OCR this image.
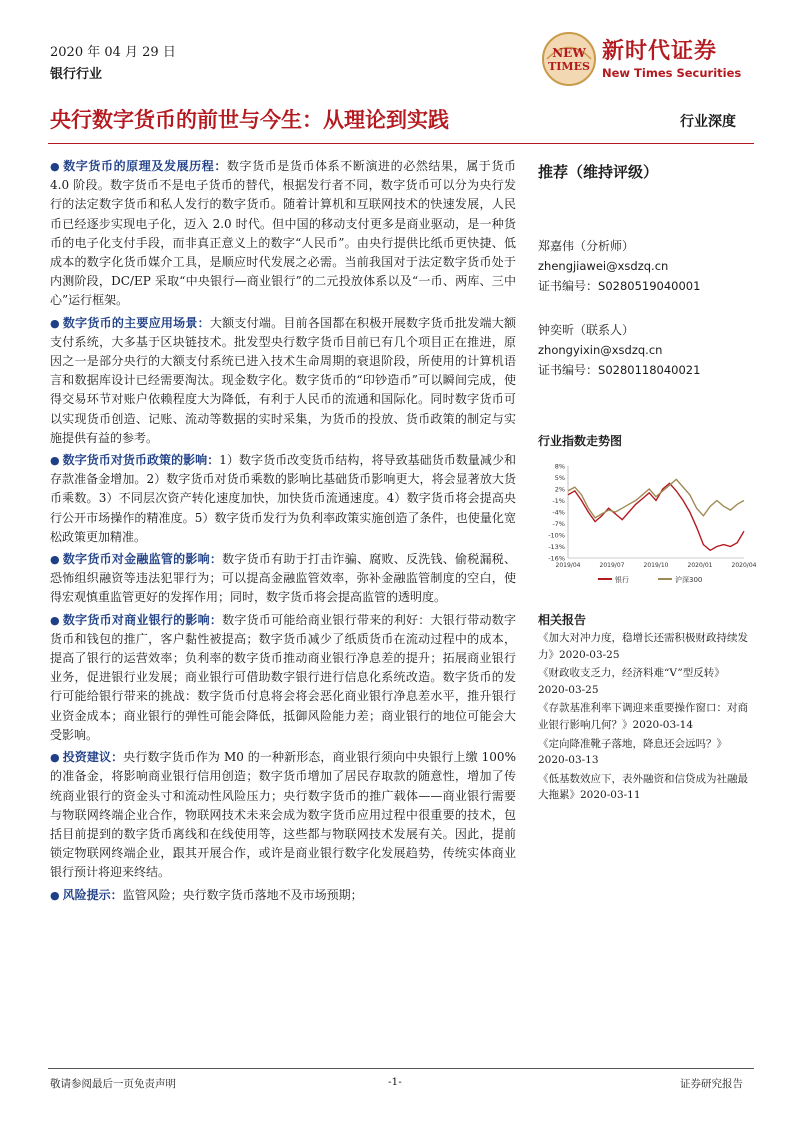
2020 年 04 月 29 日
银行行业
NEW
TIMES
新时代证券
New Times Securities
央行数字货币的前世与今生：从理论到实践	行业深度

● 数字货币的原理及发展历程：数字货币是货币体系不断演进的必然结果，属于货币 4.0 阶段。数字货币不是电子货币的替代，根据发行者不同，数字货币可以分为央行发行的法定数字货币和私人发行的数字货币。随着计算机和互联网技术的快速发展，人民币已经逐步实现电子化，迈入 2.0 时代。但中国的移动支付更多是商业驱动，是一种货币的电子化支付手段，而非真正意义上的数字“人民币”。由央行提供比纸币更快捷、低成本的数字化货币媒介工具，是顺应时代发展之必需。当前我国对于法定数字货币处于内测阶段，DC/EP 采取“中央银行—商业银行”的二元投放体系以及“一币、两库、三中心”运行框架。

● 数字货币的主要应用场景：大额支付端。目前各国都在积极开展数字货币批发端大额支付系统，大多基于区块链技术。批发型央行数字货币目前已有几个项目正在推进，原因之一是部分央行的大额支付系统已进入技术生命周期的衰退阶段，所使用的计算机语言和数据库设计已经需要淘汰。现金数字化。数字货币的“印钞造币”可以瞬间完成，使得交易环节对账户依赖程度大为降低，有利于人民币的流通和国际化。同时数字货币可以实现货币创造、记账、流动等数据的实时采集，为货币的投放、货币政策的制定与实施提供有益的参考。

● 数字货币对货币政策的影响：1）数字货币改变货币结构，将导致基础货币数量减少和存款准备金增加。2）数字货币对货币乘数的影响比基础货币影响更大，将会显著放大货币乘数。3）不同层次资产转化速度加快，加快货币流通速度。4）数字货币将会提高央行公开市场操作的精准度。5）数字货币发行为负利率政策实施创造了条件，也使量化宽松政策更加精准。

● 数字货币对金融监管的影响：数字货币有助于打击诈骗、腐败、反洗钱、偷税漏税、恐怖组织融资等违法犯罪行为；可以提高金融监管效率，弥补金融监管制度的空白，使得宏观慎重监管更好的发挥作用；同时，数字货币将会提高监管的透明度。

● 数字货币对商业银行的影响：数字货币可能给商业银行带来的利好：大银行带动数字货币和钱包的推广，客户黏性被提高；数字货币减少了纸质货币在流动过程中的成本，提高了银行的运营效率；负利率的数字货币推动商业银行净息差的提升；拓展商业银行业务，促进银行业发展；商业银行可借助数字银行进行信息化系统改造。数字货币的发行可能给银行带来的挑战：数字货币付息将会将会恶化商业银行净息差水平，推升银行业资金成本；商业银行的弹性可能会降低，抵御风险能力差；商业银行的地位可能会大受影响。

● 投资建议：央行数字货币作为 M0 的一种新形态，商业银行须向中央银行上缴 100%的准备金，将影响商业银行信用创造；数字货币增加了居民存取款的随意性，增加了传统商业银行的资金头寸和流动性风险压力；央行数字货币的推广载体——商业银行需要与物联网终端企业合作，物联网技术未来会成为数字货币应用过程中很重要的技术，包括目前提到的数字货币离线和在线使用等，这些都与物联网技术发展有关。因此，提前锁定物联网终端企业，跟其开展合作，或许是商业银行数字化发展趋势，传统实体商业银行预计将迎来终结。

● 风险提示：监管风险；央行数字货币落地不及市场预期；

推荐（维持评级）
郑嘉伟（分析师）
zhengjiawei@xsdzq.cn
证书编号：S0280519040001
钟奕昕（联系人）
zhongyixin@xsdzq.cn
证书编号：S0280118040021
行业指数走势图
8%
5%
2%
-1%
-4%
-7%
-10%
-13%
-16%
2019/04	2019/07	2019/10	2020/01	2020/04
银行	沪深300
相关报告
《加大对冲力度，稳增长还需积极财政持续发力》2020-03-25
《财政收支乏力，经济料难“V”型反转》
2020-03-25
《存款基准利率下调迎来重要操作窗口：对商业银行影响几何？》2020-03-14
《定向降准靴子落地，降息还会远吗？》
2020-03-13
《低基数效应下，表外融资和信贷成为社融最大拖累》2020-03-11
敬请参阅最后一页免责声明	-1-	证券研究报告
